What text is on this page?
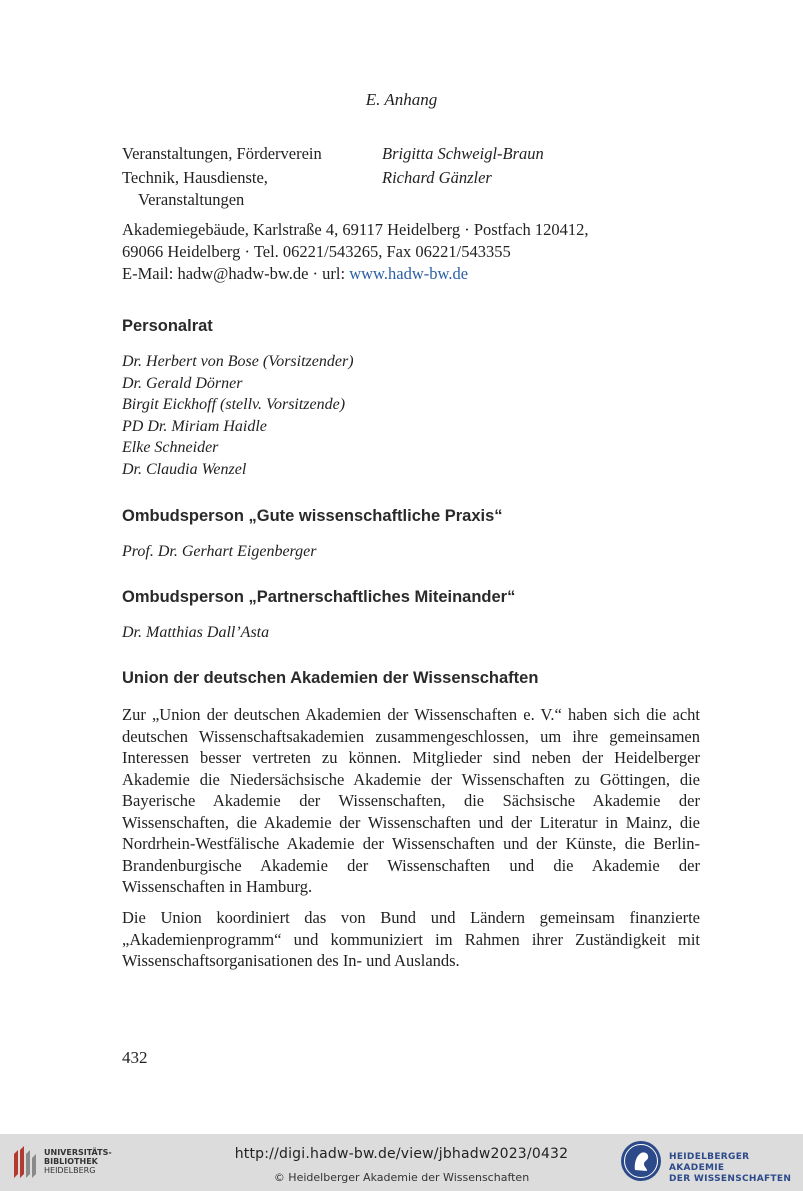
E. Anhang
Veranstaltungen, Förderverein	Brigitta Schweigl-Braun
Technik, Hausdienste,
Veranstaltungen
Richard Gänzler
Akademiegebäude, Karlstraße 4, 69117 Heidelberg · Postfach 120412,
69066 Heidelberg · Tel. 06221/543265, Fax 06221/543355
E-Mail: hadw@hadw-bw.de · url: www.hadw-bw.de
Personalrat
Dr. Herbert von Bose (Vorsitzender)
Dr. Gerald Dörner
Birgit Eickhoff (stellv. Vorsitzende)
PD Dr. Miriam Haidle
Elke Schneider
Dr. Claudia Wenzel
Ombudsperson „Gute wissenschaftliche Praxis“
Prof. Dr. Gerhart Eigenberger
Ombudsperson „Partnerschaftliches Miteinander“
Dr. Matthias Dall’Asta
Union der deutschen Akademien der Wissenschaften
Zur „Union der deutschen Akademien der Wissenschaften e. V.“ haben sich die acht deutschen Wissenschaftsakademien zusammengeschlossen, um ihre gemeinsamen Interessen besser vertreten zu können. Mitglieder sind neben der Heidelberger Akademie die Niedersächsische Akademie der Wissenschaften zu Göttingen, die Bayerische Akademie der Wissenschaften, die Sächsische Akademie der Wissenschaften, die Akademie der Wissenschaften und der Literatur in Mainz, die Nordrhein-Westfälische Akademie der Wissenschaften und der Künste, die Berlin-Brandenburgische Akademie der Wissenschaften und die Akademie der Wissenschaften in Hamburg.
Die Union koordiniert das von Bund und Ländern gemeinsam finanzierte „Akademienprogramm“ und kommuniziert im Rahmen ihrer Zuständigkeit mit Wissenschaftsorganisationen des In- und Auslands.
432
UNIVERSITÄTS-
BIBLIOTHEK
HEIDELBERG
http://digi.hadw-bw.de/view/jbhadw2023/0432
© Heidelberger Akademie der Wissenschaften
HEIDELBERGER AKADEMIE
DER WISSENSCHAFTEN
